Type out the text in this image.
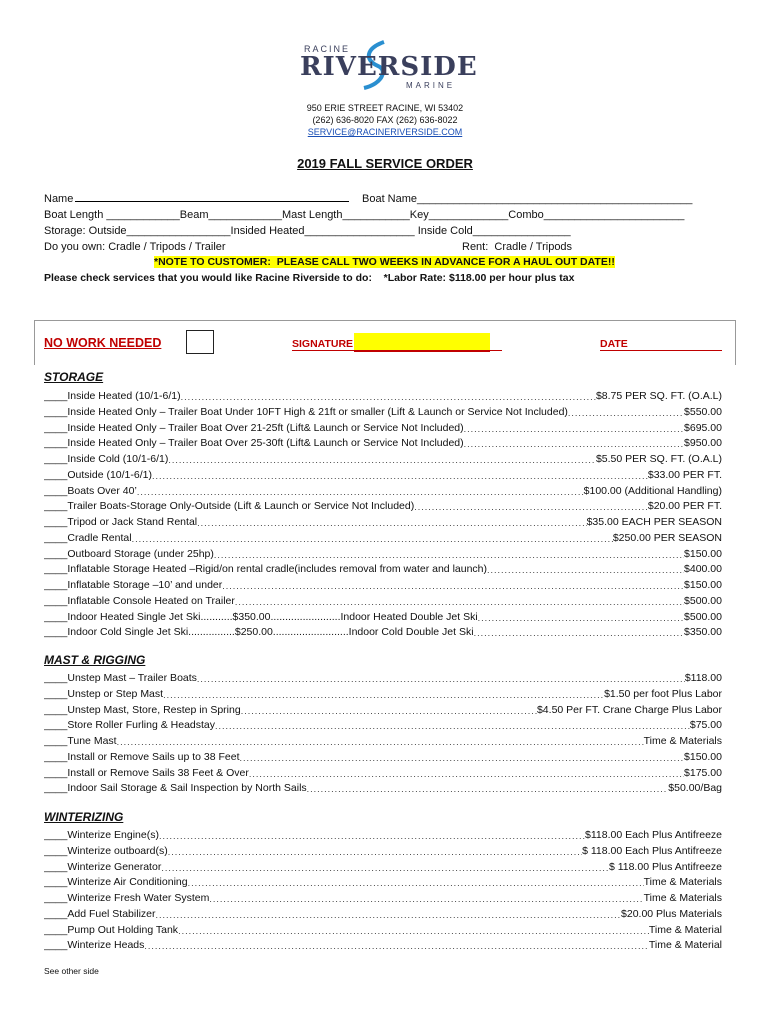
RACINE
RIVERSIDE
MARINE
950 ERIE STREET RACINE, WI 53402
(262) 636-8020 FAX (262) 636-8022
SERVICE@RACINERIVERSIDE.COM
2019 FALL SERVICE ORDER
Name	Boat Name_____________________________________________
Boat Length ____________Beam____________Mast Length___________Key_____________Combo_______________________
Storage: Outside_________________Insided Heated__________________ Inside Cold________________
Do you own: Cradle / Tripods / Trailer	Rent:  Cradle / Tripods
*NOTE TO CUSTOMER:  PLEASE CALL TWO WEEKS IN ADVANCE FOR A HAUL OUT DATE!!
Please check services that you would like Racine Riverside to do:    *Labor Rate: $118.00 per hour plus tax
NO WORK NEEDED	SIGNATURE	DATE
STORAGE
____Inside Heated (10/1-6/1) .....	$8.75 PER SQ. FT. (O.A.L)
____Inside Heated Only – Trailer Boat Under 10FT High & 21ft or smaller (Lift & Launch or Service Not Included) .....	$550.00
____Inside Heated Only – Trailer Boat Over 21-25ft (Lift& Launch or Service Not Included) .....	$695.00
____Inside Heated Only – Trailer Boat Over 25-30ft (Lift& Launch or Service Not Included) .....	$950.00
____Inside Cold (10/1-6/1) .....	$5.50 PER SQ. FT. (O.A.L)
____Outside (10/1-6/1) .....	$33.00 PER FT.
____Boats Over 40’ .....	$100.00 (Additional Handling)
____Trailer Boats-Storage Only-Outside (Lift & Launch or Service Not Included) .....	$20.00 PER FT.
____Tripod or Jack Stand Rental .....	$35.00 EACH PER SEASON
____Cradle Rental .....	$250.00 PER SEASON
____Outboard Storage (under 25hp) .....	$150.00
____Inflatable Storage Heated –Rigid/on rental cradle(includes removal from water and launch) .....	$400.00
____Inflatable Storage –10’ and under .....	$150.00
____Inflatable Console Heated on Trailer .....	$500.00
____Indoor Heated Single Jet Ski...........$350.00........................Indoor Heated Double Jet Ski .....	$500.00
____Indoor Cold Single Jet Ski................$250.00..........................Indoor Cold Double Jet Ski .....	$350.00
MAST & RIGGING
____Unstep Mast – Trailer Boats .....	$118.00
____Unstep or Step Mast .....	$1.50 per foot Plus Labor
____Unstep Mast, Store, Restep in Spring .....	$4.50 Per FT. Crane Charge Plus Labor
____Store Roller Furling & Headstay .....	$75.00
____Tune Mast .....	Time & Materials
____Install or Remove Sails up to 38 Feet .....	$150.00
____Install or Remove Sails 38 Feet & Over .....	$175.00
____Indoor Sail Storage & Sail Inspection by North Sails .....	$50.00/Bag
WINTERIZING
____Winterize Engine(s) .....	$118.00 Each Plus Antifreeze
____Winterize outboard(s) .....	$ 118.00 Each Plus Antifreeze
____Winterize Generator .....	$ 118.00 Plus Antifreeze
____Winterize Air Conditioning .....	Time & Materials
____Winterize Fresh Water System .....	Time & Materials
____Add Fuel Stabilizer .....	$20.00 Plus Materials
____Pump Out Holding Tank .....	Time & Material
____Winterize Heads .....	Time & Material
See other side
